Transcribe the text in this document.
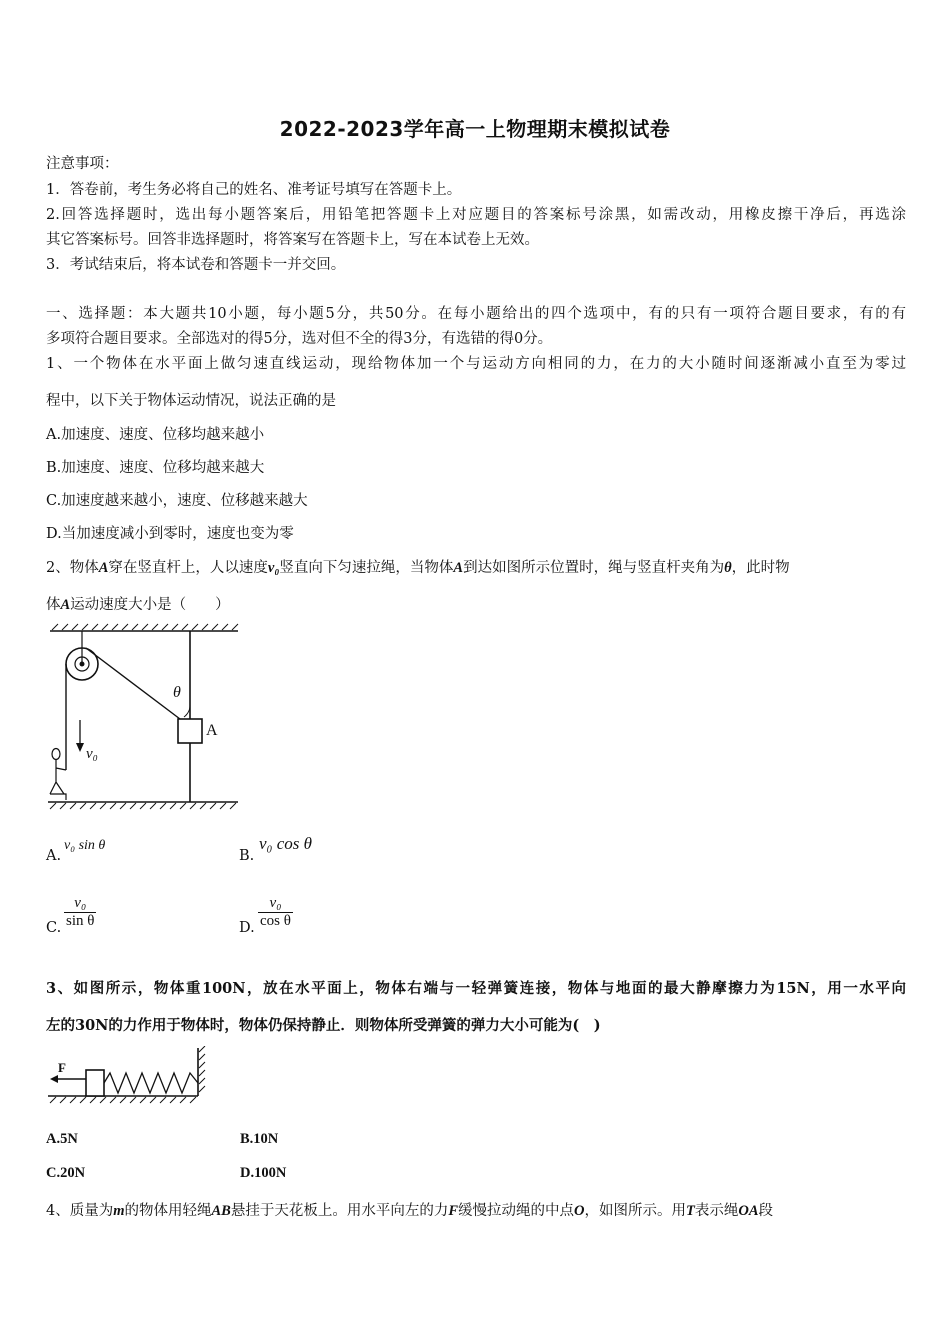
2022-2023学年高一上物理期末模拟试卷
注意事项：
1．答卷前，考生务必将自己的姓名、准考证号填写在答题卡上。
2.回答选择题时，选出每小题答案后，用铅笔把答题卡上对应题目的答案标号涂黑，如需改动，用橡皮擦干净后，再选涂
其它答案标号。回答非选择题时，将答案写在答题卡上，写在本试卷上无效。
3．考试结束后，将本试卷和答题卡一并交回。
一、选择题：本大题共10小题，每小题5分，共50分。在每小题给出的四个选项中，有的只有一项符合题目要求，有的有
多项符合题目要求。全部选对的得5分，选对但不全的得3分，有选错的得0分。
1、一个物体在水平面上做匀速直线运动，现给物体加一个与运动方向相同的力，在力的大小随时间逐渐减小直至为零过
程中，以下关于物体运动情况，说法正确的是
A.加速度、速度、位移均越来越小
B.加速度、速度、位移均越来越大
C.加速度越来越小，速度、位移越来越大
D.当加速度减小到零时，速度也变为零
2、物体A穿在竖直杆上，人以速度v₀竖直向下匀速拉绳，当物体A到达如图所示位置时，绳与竖直杆夹角为θ，此时物
体A运动速度大小是（　　）
θ
A
v₀
A.
v₀ sin θ
B.
v₀ cos θ
C. $\frac{\text{v₀}}{\text{sin θ}}$	D. $\frac{\text{v₀}}{\text{cos θ}}$
3、如图所示，物体重100N，放在水平面上，物体右端与一轻弹簧连接，物体与地面的最大静摩擦力为15N，用一水平向
左的30N的力作用于物体时，物体仍保持静止．则物体所受弹簧的弹力大小可能为(　)
F
A.5N	B.10N
C.20N	D.100N
4、质量为m的物体用轻绳AB悬挂于天花板上。用水平向左的力F缓慢拉动绳的中点O，如图所示。用T表示绳OA段
